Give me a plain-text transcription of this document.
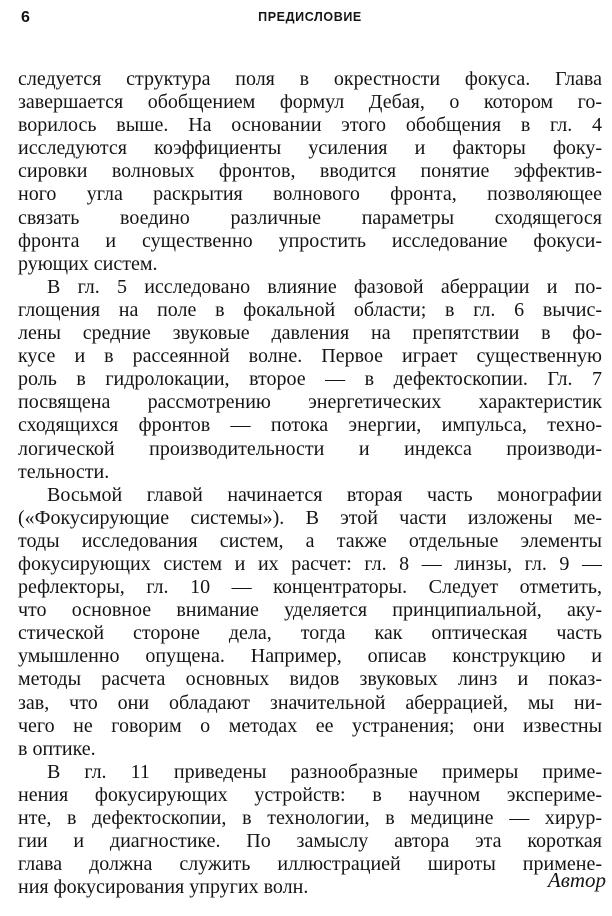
6	ПРЕДИСЛОВИЕ
следуется структура поля в окрестности фокуса. Глава
завершается обобщением формул Дебая, о котором го-
ворилось выше. На основании этого обобщения в гл. 4
исследуются коэффициенты усиления и факторы фоку-
сировки волновых фронтов, вводится понятие эффектив-
ного угла раскрытия волнового фронта, позволяющее
связать воедино различные параметры сходящегося
фронта и существенно упростить исследование фокуси-
рующих систем.
В гл. 5 исследовано влияние фазовой аберрации и по-
глощения на поле в фокальной области; в гл. 6 вычис-
лены средние звуковые давления на препятствии в фо-
кусе и в рассеянной волне. Первое играет существенную
роль в гидролокации, второе — в дефектоскопии. Гл. 7
посвящена рассмотрению энергетических характеристик
сходящихся фронтов — потока энергии, импульса, техно-
логической производительности и индекса производи-
тельности.
Восьмой главой начинается вторая часть монографии
(«Фокусирующие системы»). В этой части изложены ме-
тоды исследования систем, а также отдельные элементы
фокусирующих систем и их расчет: гл. 8 — линзы, гл. 9 —
рефлекторы, гл. 10 — концентраторы. Следует отметить,
что основное внимание уделяется принципиальной, аку-
стической стороне дела, тогда как оптическая часть
умышленно опущена. Например, описав конструкцию и
методы расчета основных видов звуковых линз и показ-
зав, что они обладают значительной аберрацией, мы ни-
чего не говорим о методах ее устранения; они известны
в оптике.
В гл. 11 приведены разнообразные примеры приме-
нения фокусирующих устройств: в научном экспериме-
нте, в дефектоскопии, в технологии, в медицине — хирур-
гии и диагностике. По замыслу автора эта короткая
глава должна служить иллюстрацией широты примене-
ния фокусирования упругих волн.	Автор
